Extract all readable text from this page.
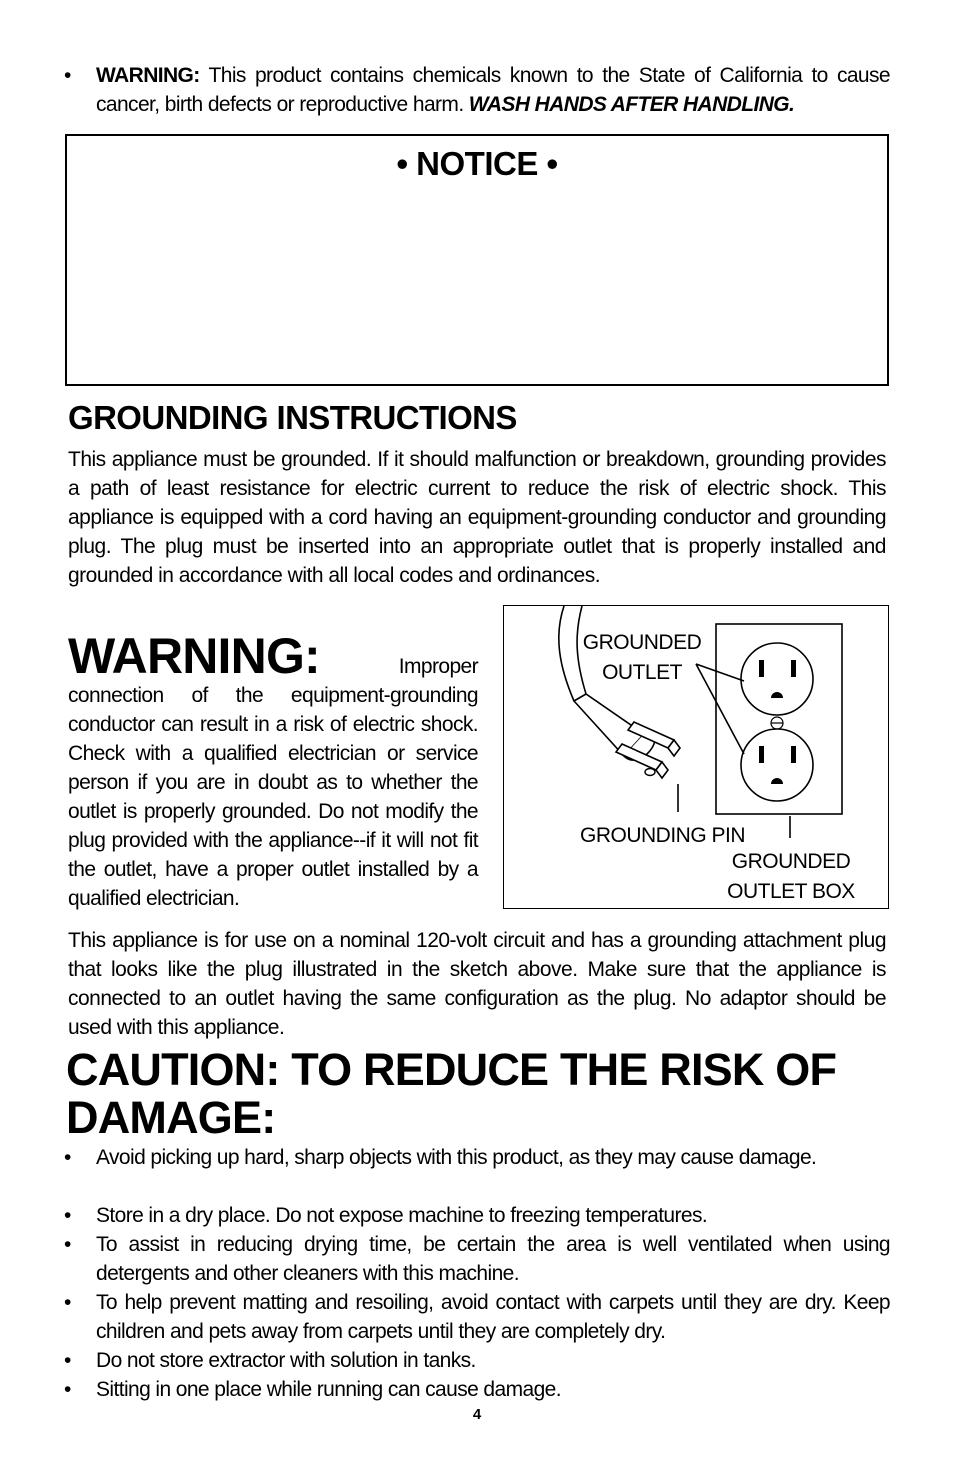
•	WARNING: This product contains chemicals known to the State of California to cause cancer, birth defects or reproductive harm. WASH HANDS AFTER HANDLING.
• NOTICE •
GROUNDING INSTRUCTIONS
This appliance must be grounded. If it should malfunction or breakdown, grounding provides a path of least resistance for electric current to reduce the risk of electric shock. This appliance is equipped with a cord having an equipment-grounding conductor and grounding plug. The plug must be inserted into an appropriate outlet that is properly installed and grounded in accordance with all local codes and ordinances.
WARNING: Improper connection of the equipment-grounding conductor can result in a risk of electric shock. Check with a qualified electrician or service person if you are in doubt as to whether the outlet is properly grounded. Do not modify the plug provided with the appliance--if it will not fit the outlet, have a proper outlet installed by a qualified electrician.
GROUNDED
OUTLET
GROUNDING PIN
GROUNDED
OUTLET BOX
This appliance is for use on a nominal 120-volt circuit and has a grounding attachment plug that looks like the plug illustrated in the sketch above. Make sure that the appliance is connected to an outlet having the same configuration as the plug. No adaptor should be used with this appliance.
CAUTION: TO REDUCE THE RISK OF
DAMAGE:
•	Avoid picking up hard, sharp objects with this product, as they may cause damage.
•	Store in a dry place. Do not expose machine to freezing temperatures.
•	To assist in reducing drying time, be certain the area is well ventilated when using detergents and other cleaners with this machine.
•	To help prevent matting and resoiling, avoid contact with carpets until they are dry. Keep children and pets away from carpets until they are completely dry.
•	Do not store extractor with solution in tanks.
•	Sitting in one place while running can cause damage.
4
